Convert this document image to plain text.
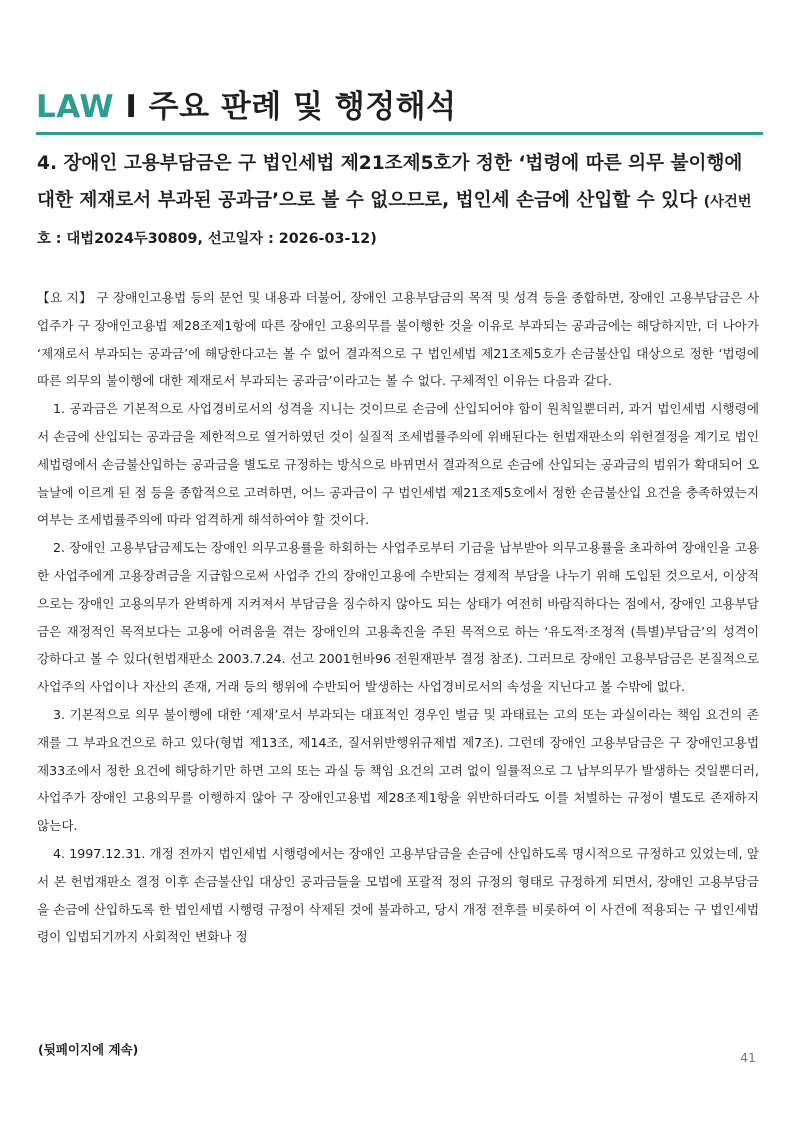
LAW I 주요 판례 및 행정해석
4. 장애인 고용부담금은 구 법인세법 제21조제5호가 정한 ‘법령에 따른 의무 불이행에 대한 제재로서 부과된 공과금’으로 볼 수 없으므로, 법인세 손금에 산입할 수 있다 (사건번호 : 대법2024두30809, 선고일자 : 2026-03-12)

【요 지】 구 장애인고용법 등의 문언 및 내용과 더불어, 장애인 고용부담금의 목적 및 성격 등을 종합하면, 장애인 고용부담금은 사업주가 구 장애인고용법 제28조제1항에 따른 장애인 고용의무를 불이행한 것을 이유로 부과되는 공과금에는 해당하지만, 더 나아가 ‘제재로서 부과되는 공과금’에 해당한다고는 볼 수 없어 결과적으로 구 법인세법 제21조제5호가 손금불산입 대상으로 정한 ‘법령에 따른 의무의 불이행에 대한 제재로서 부과되는 공과금’이라고는 볼 수 없다. 구체적인 이유는 다음과 같다.

1. 공과금은 기본적으로 사업경비로서의 성격을 지니는 것이므로 손금에 산입되어야 함이 원칙일뿐더러, 과거 법인세법 시행령에서 손금에 산입되는 공과금을 제한적으로 열거하였던 것이 실질적 조세법률주의에 위배된다는 헌법재판소의 위헌결정을 계기로 법인세법령에서 손금불산입하는 공과금을 별도로 규정하는 방식으로 바뀌면서 결과적으로 손금에 산입되는 공과금의 범위가 확대되어 오늘날에 이르게 된 점 등을 종합적으로 고려하면, 어느 공과금이 구 법인세법 제21조제5호에서 정한 손금불산입 요건을 충족하였는지 여부는 조세법률주의에 따라 엄격하게 해석하여야 할 것이다.

2. 장애인 고용부담금제도는 장애인 의무고용률을 하회하는 사업주로부터 기금을 납부받아 의무고용률을 초과하여 장애인을 고용한 사업주에게 고용장려금을 지급함으로써 사업주 간의 장애인고용에 수반되는 경제적 부담을 나누기 위해 도입된 것으로서, 이상적으로는 장애인 고용의무가 완벽하게 지켜져서 부담금을 징수하지 않아도 되는 상태가 여전히 바람직하다는 점에서, 장애인 고용부담금은 재정적인 목적보다는 고용에 어려움을 겪는 장애인의 고용촉진을 주된 목적으로 하는 ‘유도적·조정적 (특별)부담금’의 성격이 강하다고 볼 수 있다(헌법재판소 2003.7.24. 선고 2001헌바96 전원재판부 결정 참조). 그러므로 장애인 고용부담금은 본질적으로 사업주의 사업이나 자산의 존재, 거래 등의 행위에 수반되어 발생하는 사업경비로서의 속성을 지닌다고 볼 수밖에 없다.

3. 기본적으로 의무 불이행에 대한 ‘제재’로서 부과되는 대표적인 경우인 벌금 및 과태료는 고의 또는 과실이라는 책임 요건의 존재를 그 부과요건으로 하고 있다(형법 제13조, 제14조, 질서위반행위규제법 제7조). 그런데 장애인 고용부담금은 구 장애인고용법 제33조에서 정한 요건에 해당하기만 하면 고의 또는 과실 등 책임 요건의 고려 없이 일률적으로 그 납부의무가 발생하는 것일뿐더러, 사업주가 장애인 고용의무를 이행하지 않아 구 장애인고용법 제28조제1항을 위반하더라도 이를 처벌하는 규정이 별도로 존재하지 않는다.

4. 1997.12.31. 개정 전까지 법인세법 시행령에서는 장애인 고용부담금을 손금에 산입하도록 명시적으로 규정하고 있었는데, 앞서 본 헌법재판소 결정 이후 손금불산입 대상인 공과금들을 모법에 포괄적 정의 규정의 형태로 규정하게 되면서, 장애인 고용부담금을 손금에 산입하도록 한 법인세법 시행령 규정이 삭제된 것에 불과하고, 당시 개정 전후를 비롯하여 이 사건에 적용되는 구 법인세법령이 입법되기까지 사회적인 변화나 정

(뒷페이지에 계속)
41
